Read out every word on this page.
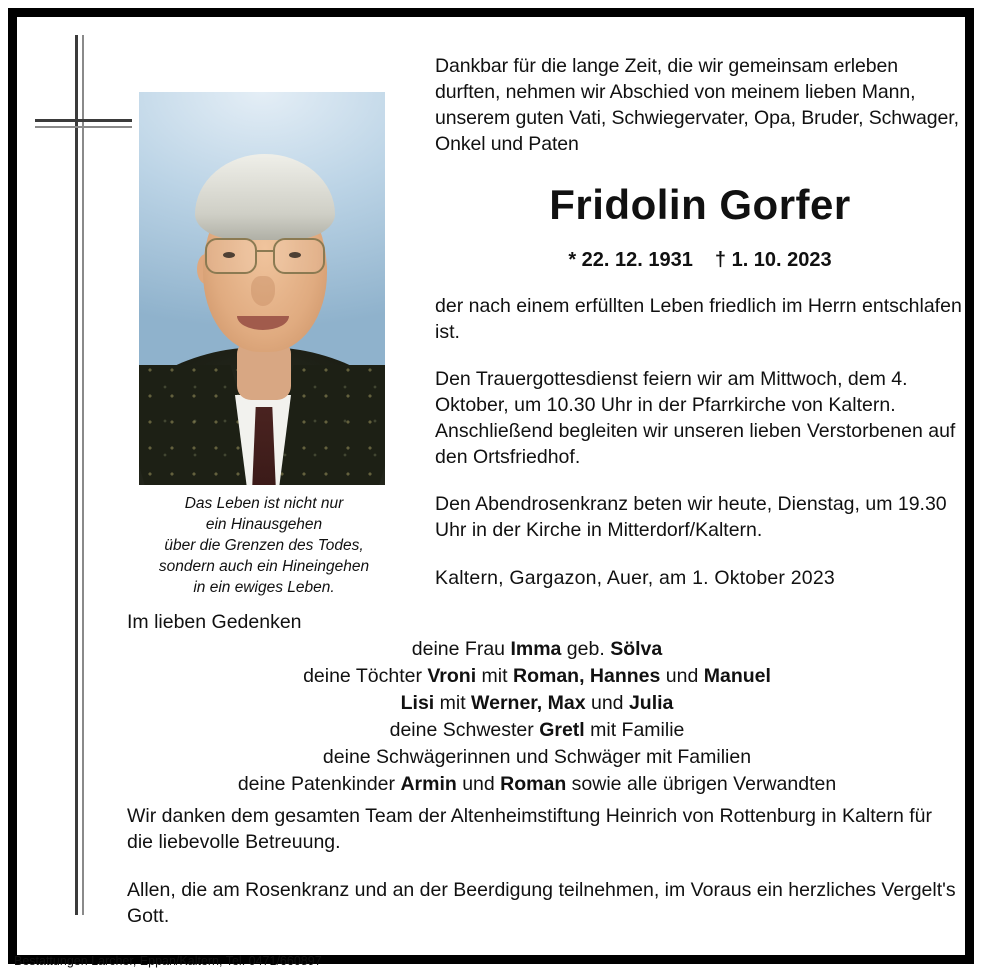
Das Leben ist nicht nur
ein Hinausgehen
über die Grenzen des Todes,
sondern auch ein Hineingehen
in ein ewiges Leben.
Dankbar für die lange Zeit, die wir gemeinsam erleben durften, nehmen wir Abschied von meinem lieben Mann, unserem guten Vati, Schwiegervater, Opa, Bruder, Schwager, Onkel und Paten
Fridolin Gorfer
* 22. 12. 1931 † 1. 10. 2023
der nach einem erfüllten Leben friedlich im Herrn entschlafen ist.
Den Trauergottesdienst feiern wir am Mittwoch, dem 4. Oktober, um 10.30 Uhr in der Pfarrkirche von Kaltern. Anschließend begleiten wir unseren lieben Verstorbenen auf den Ortsfriedhof.
Den Abendrosenkranz beten wir heute, Dienstag, um 19.30 Uhr in der Kirche in Mitterdorf/Kaltern.
Kaltern, Gargazon, Auer, am 1. Oktober 2023
Im lieben Gedenken
deine Frau Imma geb. Sölva
deine Töchter Vroni mit Roman, Hannes und Manuel
Lisi mit Werner, Max und Julia
deine Schwester Gretl mit Familie
deine Schwägerinnen und Schwäger mit Familien
deine Patenkinder Armin und Roman sowie alle übrigen Verwandten
Wir danken dem gesamten Team der Altenheimstiftung Heinrich von Rottenburg in Kaltern für die liebevolle Betreuung.
Allen, die am Rosenkranz und an der Beerdigung teilnehmen, im Voraus ein herzliches Vergelt's Gott.
Bestattungen Larcher, Eppan/Kaltern, Tel. 0471/660897
